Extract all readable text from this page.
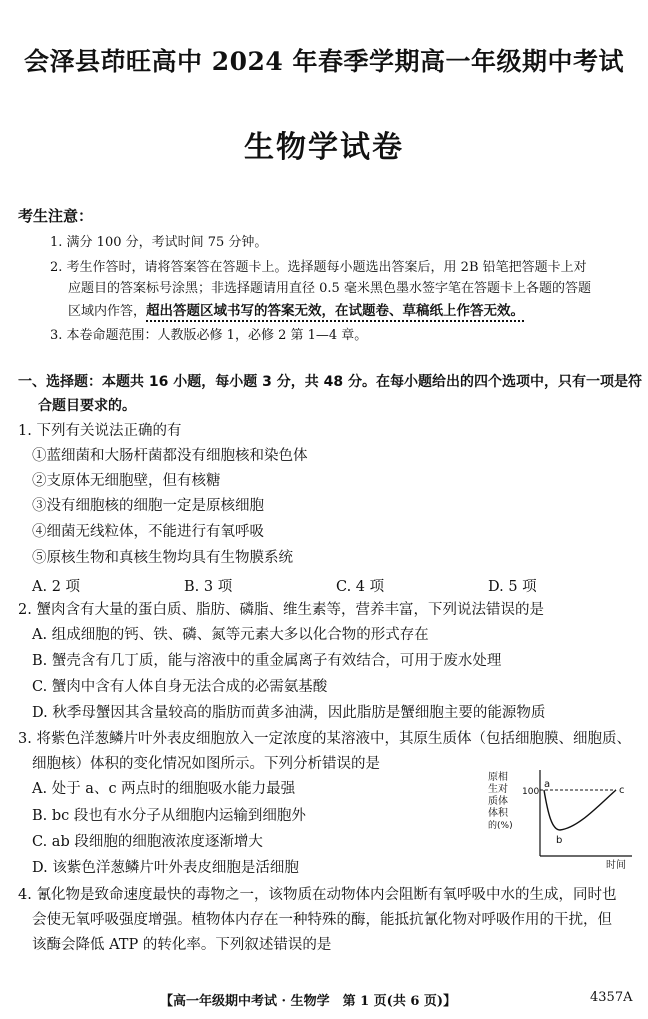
会泽县茚旺高中 2024 年春季学期高一年级期中考试
生物学试卷
考生注意：
1. 满分 100 分，考试时间 75 分钟。
2. 考生作答时，请将答案答在答题卡上。选择题每小题选出答案后，用 2B 铅笔把答题卡上对
应题目的答案标号涂黑；非选择题请用直径 0.5 毫米黑色墨水签字笔在答题卡上各题的答题
区域内作答，超出答题区域书写的答案无效，在试题卷、草稿纸上作答无效。
3. 本卷命题范围：人教版必修 1，必修 2 第 1—4 章。
一、选择题：本题共 16 小题，每小题 3 分，共 48 分。在每小题给出的四个选项中，只有一项是符
合题目要求的。
1. 下列有关说法正确的有
①蓝细菌和大肠杆菌都没有细胞核和染色体
②支原体无细胞壁，但有核糖
③没有细胞核的细胞一定是原核细胞
④细菌无线粒体，不能进行有氧呼吸
⑤原核生物和真核生物均具有生物膜系统
A. 2 项	B. 3 项	C. 4 项	D. 5 项
2. 蟹肉含有大量的蛋白质、脂肪、磷脂、维生素等，营养丰富，下列说法错误的是
A. 组成细胞的钙、铁、磷、氮等元素大多以化合物的形式存在
B. 蟹壳含有几丁质，能与溶液中的重金属离子有效结合，可用于废水处理
C. 蟹肉中含有人体自身无法合成的必需氨基酸
D. 秋季母蟹因其含量较高的脂肪而黄多油满，因此脂肪是蟹细胞主要的能源物质
3. 将紫色洋葱鳞片叶外表皮细胞放入一定浓度的某溶液中，其原生质体（包括细胞膜、细胞质、
细胞核）体积的变化情况如图所示。下列分析错误的是
A. 处于 a、c 两点时的细胞吸水能力最强
B. bc 段也有水分子从细胞内运输到细胞外
C. ab 段细胞的细胞液浓度逐渐增大
D. 该紫色洋葱鳞片叶外表皮细胞是活细胞
原相
生对
质体
体积
的(%)
100
a
b
c
时间
4. 氰化物是致命速度最快的毒物之一，该物质在动物体内会阻断有氧呼吸中水的生成，同时也
会使无氧呼吸强度增强。植物体内存在一种特殊的酶，能抵抗氰化物对呼吸作用的干扰，但
该酶会降低 ATP 的转化率。下列叙述错误的是
【高一年级期中考试 · 生物学　第 1 页(共 6 页)】	4357A
